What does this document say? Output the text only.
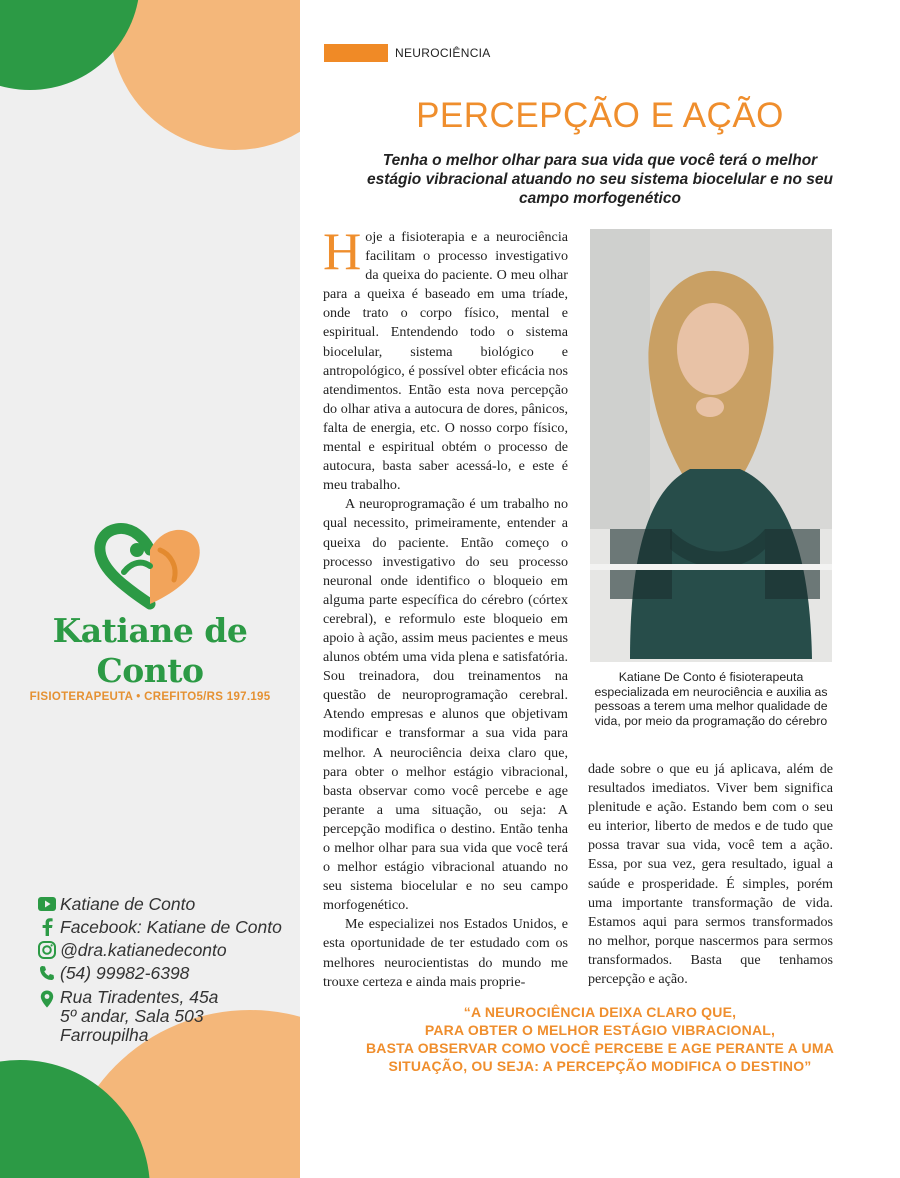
Katiane de Conto
FISIOTERAPEUTA • CREFITO5/RS 197.195
Katiane de Conto
Facebook: Katiane de Conto
@dra.katianedeconto
(54) 99982-6398
Rua Tiradentes, 45a
5º andar, Sala 503
Farroupilha
NEUROCIÊNCIA
PERCEPÇÃO E AÇÃO
Tenha o melhor olhar para sua vida que você terá o melhor estágio vibracional atuando no seu sistema biocelular e no seu campo morfogenético

Hoje a fisioterapia e a neurociência facilitam o processo investigativo da queixa do paciente. O meu olhar para a queixa é baseado em uma tríade, onde trato o corpo físico, mental e espiritual. Entendendo todo o sistema biocelular, sistema biológico e antropológico, é possível obter eficácia nos atendimentos. Então esta nova percepção do olhar ativa a autocura de dores, pânicos, falta de energia, etc. O nosso corpo físico, mental e espiritual obtém o processo de autocura, basta saber acessá-lo, e este é meu trabalho.

A neuroprogramação é um trabalho no qual necessito, primeiramente, entender a queixa do paciente. Então começo o processo investigativo do seu processo neuronal onde identifico o bloqueio em alguma parte específica do cérebro (córtex cerebral), e reformulo este bloqueio em apoio à ação, assim meus pacientes e meus alunos obtém uma vida plena e satisfatória. Sou treinadora, dou treinamentos na questão de neuroprogramação cerebral. Atendo empresas e alunos que objetivam modificar e transformar a sua vida para melhor. A neurociência deixa claro que, para obter o melhor estágio vibracional, basta observar como você percebe e age perante a uma situação, ou seja: A percepção modifica o destino. Então tenha o melhor olhar para sua vida que você terá o melhor estágio vibracional atuando no seu sistema biocelular e no seu campo morfogenético.

Me especializei nos Estados Unidos, e esta oportunidade de ter estudado com os melhores neurocientistas do mundo me trouxe certeza e ainda mais proprie-

Katiane De Conto é fisioterapeuta especializada em neurociência e auxilia as pessoas a terem uma melhor qualidade de vida, por meio da programação do cérebro

dade sobre o que eu já aplicava, além de resultados imediatos. Viver bem significa plenitude e ação. Estando bem com o seu eu interior, liberto de medos e de tudo que possa travar sua vida, você tem a ação. Essa, por sua vez, gera resultado, igual a saúde e prosperidade. É simples, porém uma importante transformação de vida. Estamos aqui para sermos transformados no melhor, porque nascermos para sermos transformados. Basta que tenhamos percepção e ação.

“A NEUROCIÊNCIA DEIXA CLARO QUE,
PARA OBTER O MELHOR ESTÁGIO VIBRACIONAL,
BASTA OBSERVAR COMO VOCÊ PERCEBE E AGE PERANTE A UMA
SITUAÇÃO, OU SEJA: A PERCEPÇÃO MODIFICA O DESTINO”
